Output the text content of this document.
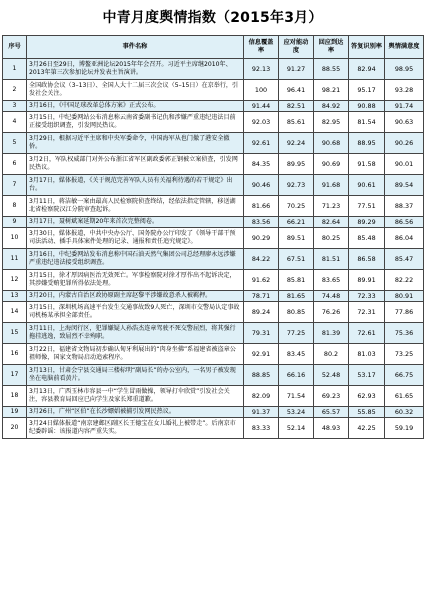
中青月度舆情指数（2015年3月）
序号	事件名称	信息覆盖率	应对能动度	回应到达率	答复识别率	舆情满意度
1	3月26日至29日，博鳌亚洲论坛2015年年会召开。习近平主席继2010年、2013年第三次参加论坛并发表主旨演讲。	92.13	91.27	88.55	82.94	98.95
2	全国政协会议（3–13日）、全国人大十二届三次会议（5–15日）在京举行，引发社会关注。	100	96.41	98.21	95.17	93.28
3	3月16日，《中国足球改革总体方案》正式公布。	91.44	82.51	84.92	90.88	91.74
4	3月15日，中纪委网站公布消息称云南省委副书记仇和涉嫌严重违纪违法目前正接受组织调查，引发网民热议。	92.03	85.61	82.95	81.54	90.63
5	3月29日，根据习近平主席和中央军委命令，中国海军从也门撤了港安全撤侨。	92.61	92.24	90.68	88.95	90.26
6	3月2日，军队权威部门对外公布浙江省军区副政委郭正钢被立案侦查，引发网民热议。	84.35	89.95	90.69	91.58	90.01
7	3月17日，媒体报道，《关于规范完善军队人员有关福利待遇的若干规定》出台。	90.46	92.73	91.68	90.61	89.54
8	3月11日，蒋洁敏一案由最高人民检察院侦查终结，经依法指定管辖，移送湖北省检察院汉江分院审查起诉。	81.66	70.25	71.23	77.51	88.37
9	3月17日，聂树斌案延期20年来首次完整阅卷。	83.56	66.21	82.64	89.29	86.56
10	3月30日，媒体报道，中共中央办公厅、国务院办公厅印发了《领导干部干预司法活动、插手具体案件处理的记录、通报和责任追究规定》。	90.29	89.51	80.25	85.48	86.04
11	3月16日，中纪委网站发布消息称中国石油天然气集团公司总经理廖永远涉嫌严重违纪违法接受组织调查。	84.22	67.51	81.51	86.58	85.47
12	3月15日，徐才厚因病医治无效死亡。军事检察院对徐才厚作出不起诉决定，其涉嫌受贿犯罪所得依法处理。	91.62	85.81	83.65	89.91	82.22
13	3月20日，内蒙古自治区政协原副主席赵黎平涉嫌故意杀人被羁押。	78.71	81.65	74.48	72.33	80.91
14	3月15日，深圳机场高速平台发生交通事故致9人死亡，深圳市交警局认定事故司机杨某承担全部责任。	89.24	80.85	76.26	72.31	77.86
15	3月11日，上海闵行区，犯罪嫌疑人孙浩杰连章驾驶不死交警屈烈，将其强行拖挂逃逸，致屈烈不幸殉职。	79.31	77.25	81.39	72.61	75.36
16	3月22日，福建省文物局初步确认甸牙利展出的“肉身坐佛”系福建省被盗章公祖师像，国家文物局启动追索程序。	92.91	83.45	80.2	81.03	73.25
17	3月13日，甘肃会宁县交通局三楼标明“副局长”的办公室内，一名男子被发现坐在电脑前看黄片。	88.85	66.16	52.48	53.17	66.75
18	3月13日，广西玉林市容县一中“学生冒雨做操，领导打伞欣赏”引发社会关注，容县教育局回应已向学生及家长郑重道歉。	82.09	71.54	69.23	62.93	61.65
19	3月26日，广州“区伯”在长沙嫖娼被捕引发网民热议。	91.37	53.24	65.57	55.85	60.32
20	3月24日媒体报道“南京建邺区副区长王德宝在女儿婚礼上被带走”。后南京市纪委辟谣：该报道内容严重失实。	83.33	52.14	48.93	42.25	59.19
